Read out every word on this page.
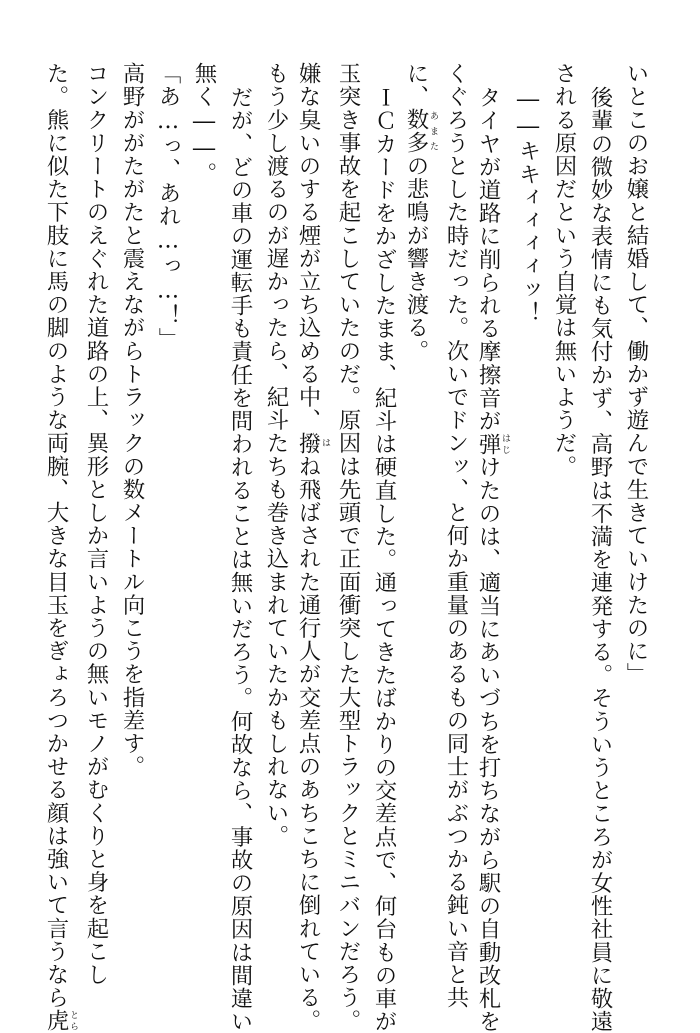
いとこのお嬢と結婚して、働かず遊んで生きていけたのに」
後輩の微妙な表情にも気付かず、高野は不満を連発する。そういうところが女性社員に敬遠
される原因だという自覚は無いようだ。
――キキィィィィッ！
タイヤが道路に削られる摩擦音が弾 はじけたのは、適当にあいづちを打ちながら駅の自動改札を
くぐろうとした時だった。次いでドンッ、と何か重量のあるもの同士がぶつかる鈍い音と共
に、数多 あまたの悲鳴が響き渡る。
ＩＣカードをかざしたまま、紀斗は硬直した。通ってきたばかりの交差点で、何台もの車が
玉突き事故を起こしていたのだ。原因は先頭で正面衝突した大型トラックとミニバンだろう。
嫌な臭いのする煙が立ち込める中、撥 はね飛ばされた通行人が交差点のあちこちに倒れている。
もう少し渡るのが遅かったら、紀斗たちも巻き込まれていたかもしれない。
だが、どの車の運転手も責任を問われることは無いだろう。何故なら、事故の原因は間違い
無く――。
「あ…っ、あれ…っ…！」
高野ががたがたと震えながらトラックの数メートル向こうを指差す。
コンクリートのえぐれた道路の上、異形としか言いようの無いモノがむくりと身を起こし
た。熊に似た下肢に馬の脚のような両腕、大きな目玉をぎょろつかせる顔は強いて言うなら虎 とら
